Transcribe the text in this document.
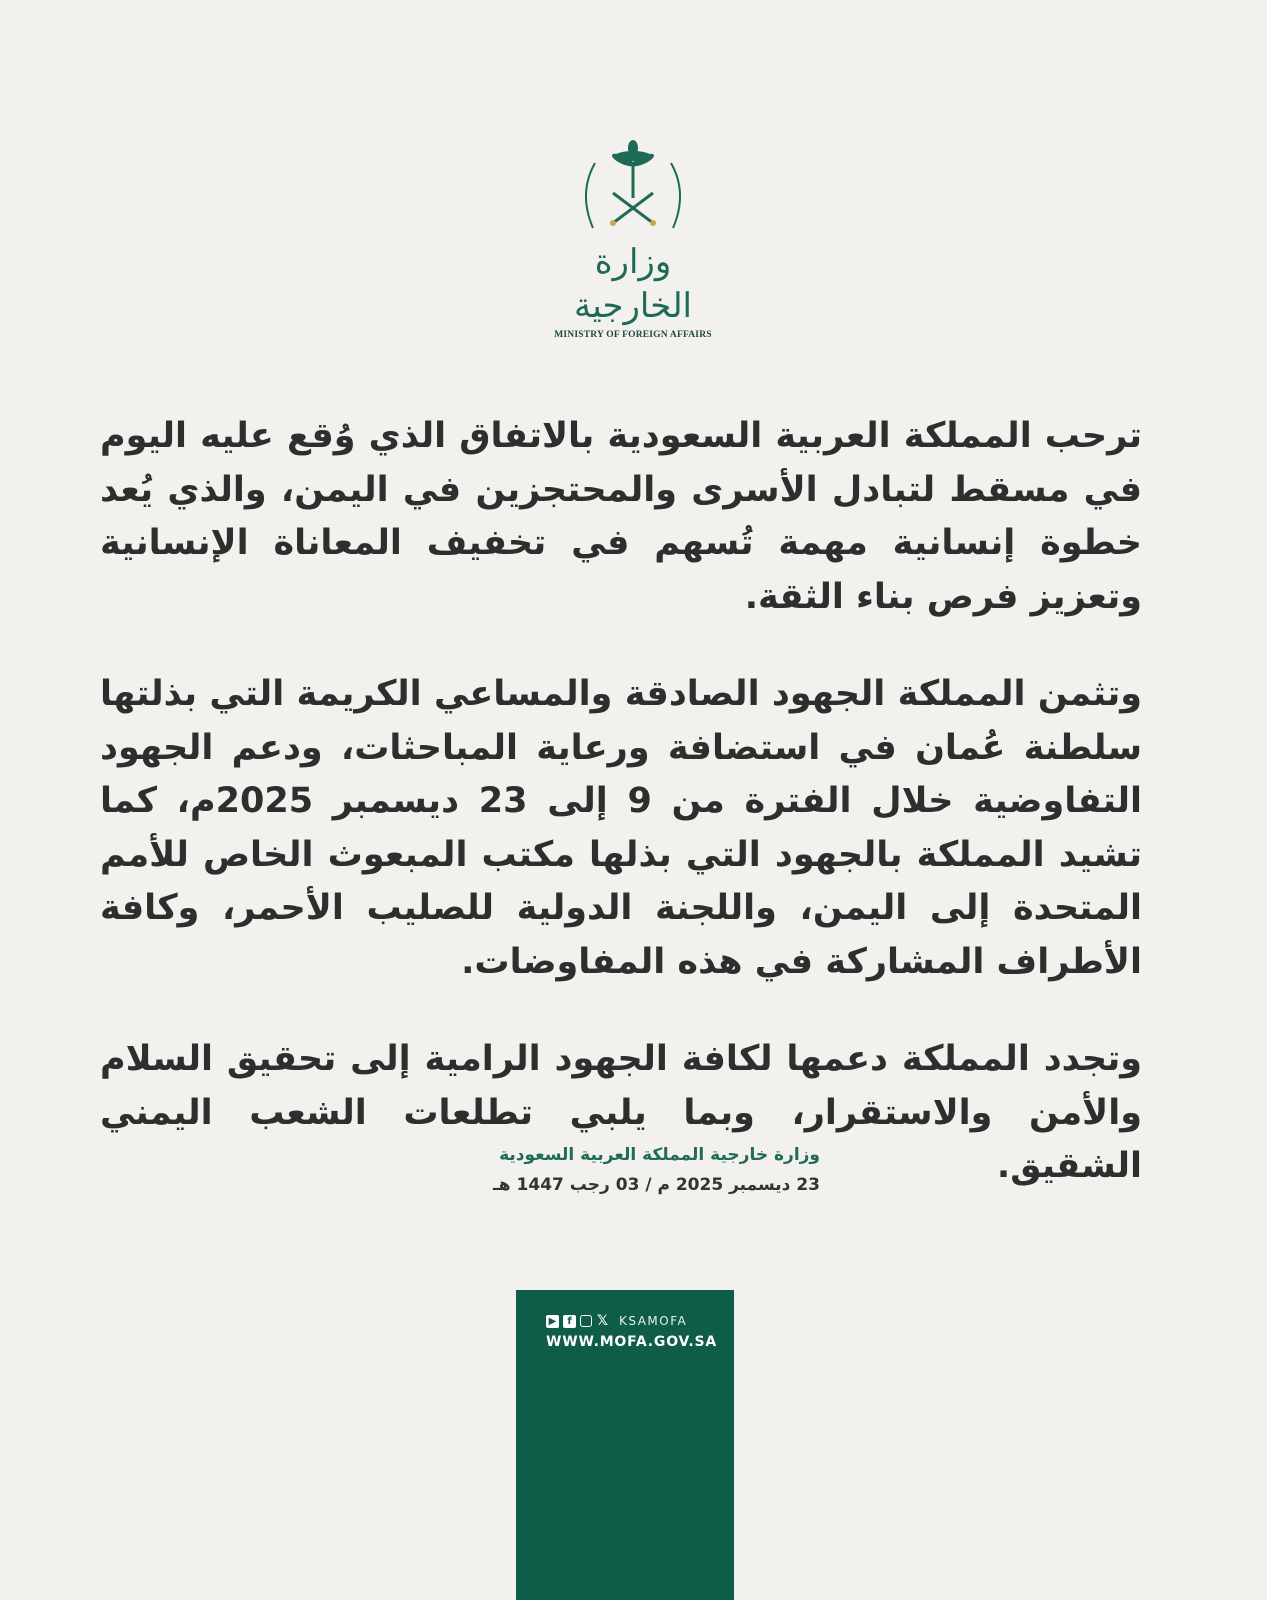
وزارة الخارجية
MINISTRY OF FOREIGN AFFAIRS

ترحب المملكة العربية السعودية بالاتفاق الذي وُقع عليه اليوم في مسقط لتبادل الأسرى والمحتجزين في اليمن، والذي يُعد خطوة إنسانية مهمة تُسهم في تخفيف المعاناة الإنسانية وتعزيز فرص بناء الثقة.

وتثمن المملكة الجهود الصادقة والمساعي الكريمة التي بذلتها سلطنة عُمان في استضافة ورعاية المباحثات، ودعم الجهود التفاوضية خلال الفترة من 9 إلى 23 ديسمبر 2025م، كما تشيد المملكة بالجهود التي بذلها مكتب المبعوث الخاص للأمم المتحدة إلى اليمن، واللجنة الدولية للصليب الأحمر، وكافة الأطراف المشاركة في هذه المفاوضات.

وتجدد المملكة دعمها لكافة الجهود الرامية إلى تحقيق السلام والأمن والاستقرار، وبما يلبي تطلعات الشعب اليمني الشقيق.

وزارة خارجية المملكة العربية السعودية
23 ديسمبر 2025 م / 03 رجب 1447 هـ
▶	f	𝕏 KSAMOFA
WWW.MOFA.GOV.SA
